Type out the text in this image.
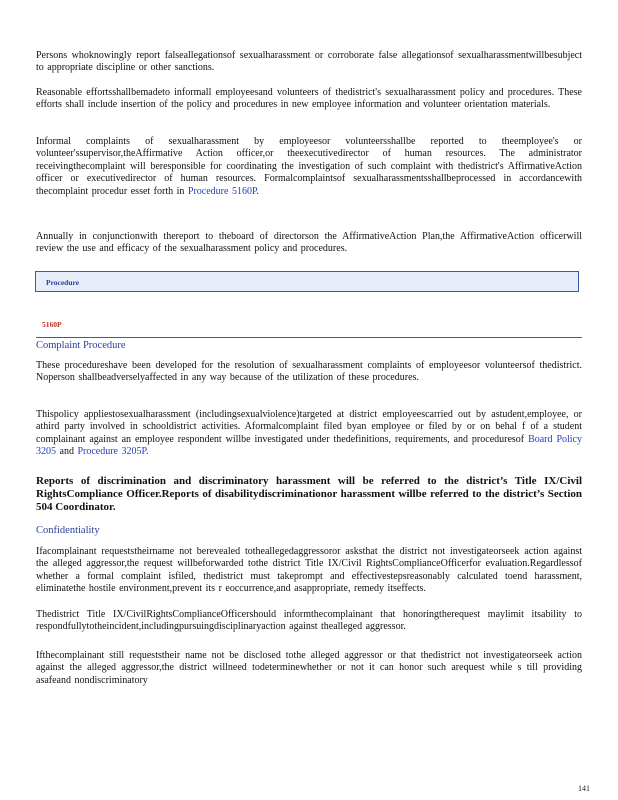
Persons whoknowingly report falseallegationsof sexualharassment or corroborate false allegationsof sexualharassmentwillbesubject to appropriate discipline or other sanctions.

Reasonable effortsshallbemadeto informall employeesand volunteers of thedistrict's sexualharassment policy and procedures. These efforts shall include insertion of the policy and procedures in new employee information and volunteer orientation materials.

Informal complaints of sexualharassment by employeesor volunteersshallbe reported to theemployee's or volunteer'ssupervisor,theAffirmative Action officer,or theexecutivedirector of human resources. The administrator receivingthecomplaint will beresponsible for coordinating the investigation of such complaint with thedistrict's AffirmativeAction officer or executivedirector of human resources. Formalcomplaintsof sexualharassmentsshallbeprocessed in accordancewith thecomplaint procedur esset forth in Procedure 5160P.

Annually in conjunctionwith thereport to theboard of directorson the AffirmativeAction Plan,the AffirmativeAction officerwill review the use and efficacy of the sexualharassment policy and procedures.

Procedure
5160P
Complaint Procedure

These procedureshave been developed for the resolution of sexualharassment complaints of employeesor volunteersof thedistrict. Noperson shallbeadverselyaffected in any way because of the utilization of these procedures.

Thispolicy appliestosexualharassment (includingsexualviolence)targeted at district employeescarried out by astudent,employee, or athird party involved in schooldistrict activities. Aformalcomplaint filed byan employee or filed by or on behal f of a student complainant against an employee respondent willbe investigated under thedefinitions, requirements, and proceduresof Board Policy 3205 and Procedure 3205P.

Reports of discrimination and discriminatory harassment will be referred to the district’s Title IX/Civil RightsCompliance Officer.Reports of disabilitydiscriminationor harassment willbe referred to the district’s Section 504 Coordinator.

Confidentiality

Ifacomplainant requeststheirname not berevealed totheallegedaggressoror asksthat the district not investigateorseek action against the alleged aggressor,the request willbeforwarded tothe district Title IX/Civil RightsComplianceOfficerfor evaluation.Regardlessof whether a formal complaint isfiled, thedistrict must takeprompt and effectivestepsreasonably calculated toend harassment, eliminatethe hostile environment,prevent its r eoccurrence,and asappropriate, remedy itseffects.

Thedistrict Title IX/CivilRightsComplianceOfficershould informthecomplainant that honoringtherequest maylimit itsability to respondfullytotheincident,includingpursuingdisciplinaryaction against thealleged aggressor.

Ifthecomplainant still requeststheir name not be disclosed tothe alleged aggressor or that thedistrict not investigateorseek action against the alleged aggressor,the district willneed todeterminewhether or not it can honor such arequest while s till providing asafeand nondiscriminatory

141
